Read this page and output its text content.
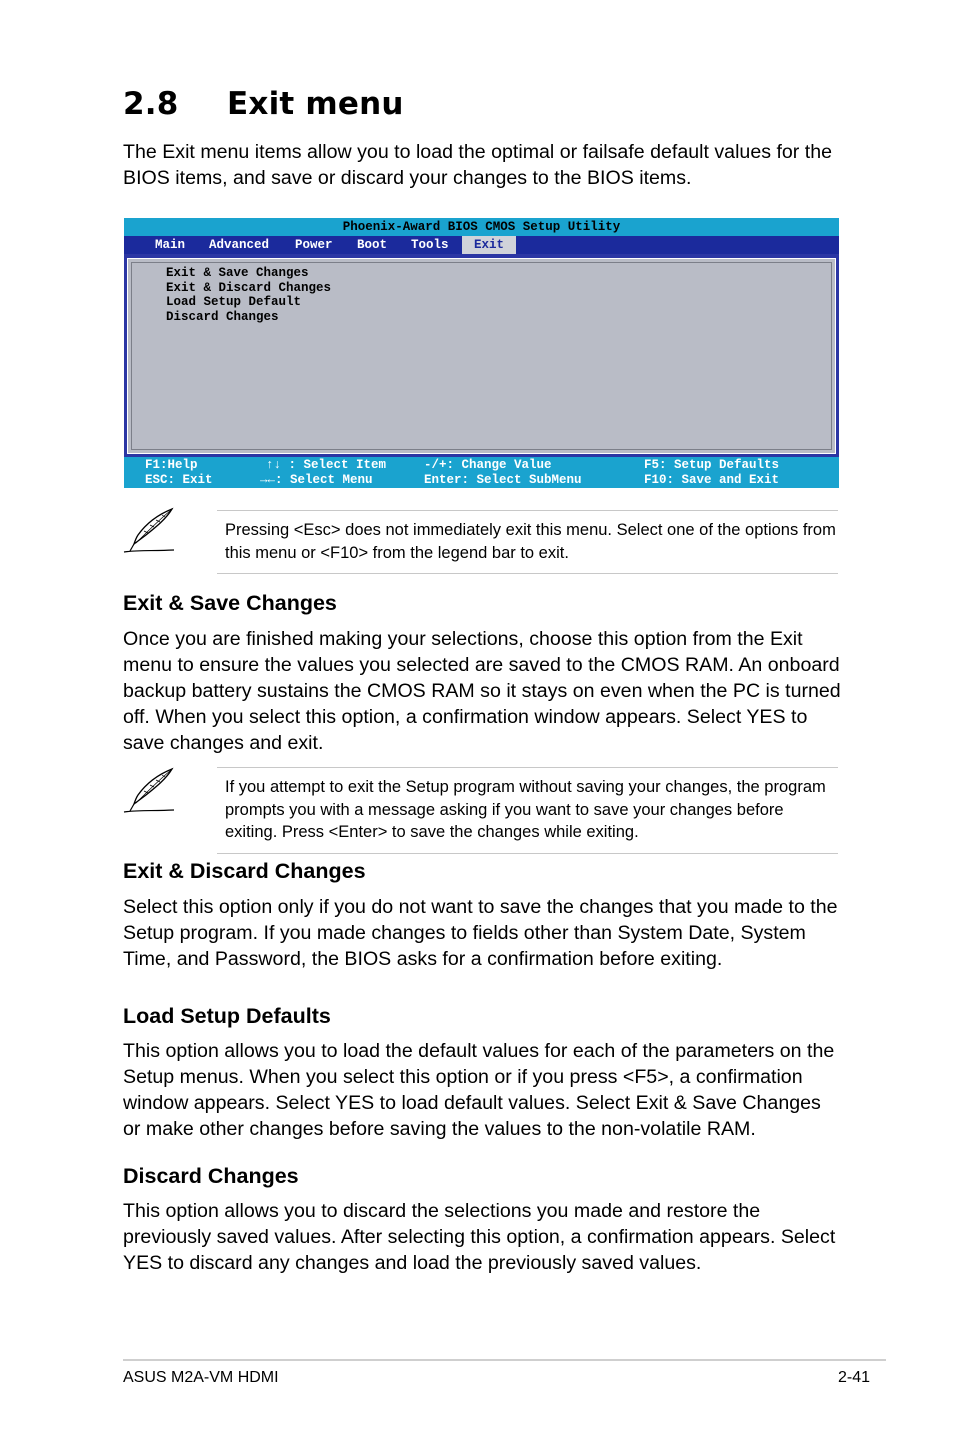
2.8 Exit menu
The Exit menu items allow you to load the optimal or failsafe default values for the BIOS items, and save or discard your changes to the BIOS items.
Phoenix-Award BIOS CMOS Setup Utility
Main Advanced Power Boot Tools	Exit
Exit & Save Changes
Exit & Discard Changes
Load Setup Default
Discard Changes
F1:Help
ESC: Exit
↑↓ : Select Item
→←: Select Menu
-/+: Change Value
Enter: Select SubMenu
F5: Setup Defaults
F10: Save and Exit
Pressing <Esc> does not immediately exit this menu. Select one of the options from this menu or <F10> from the legend bar to exit.
Exit & Save Changes
Once you are finished making your selections, choose this option from the Exit menu to ensure the values you selected are saved to the CMOS RAM. An onboard backup battery sustains the CMOS RAM so it stays on even when the PC is turned off. When you select this option, a confirmation window appears. Select YES to save changes and exit.
If you attempt to exit the Setup program without saving your changes, the program prompts you with a message asking if you want to save your changes before exiting. Press <Enter> to save the changes while exiting.
Exit & Discard Changes
Select this option only if you do not want to save the changes that you made to the Setup program. If you made changes to fields other than System Date, System Time, and Password, the BIOS asks for a confirmation before exiting.
Load Setup Defaults
This option allows you to load the default values for each of the parameters on the Setup menus. When you select this option or if you press <F5>, a confirmation window appears. Select YES to load default values. Select Exit & Save Changes or make other changes before saving the values to the non-volatile RAM.
Discard Changes
This option allows you to discard the selections you made and restore the previously saved values. After selecting this option, a confirmation appears. Select YES to discard any changes and load the previously saved values.
ASUS M2A-VM HDMI	2-41
